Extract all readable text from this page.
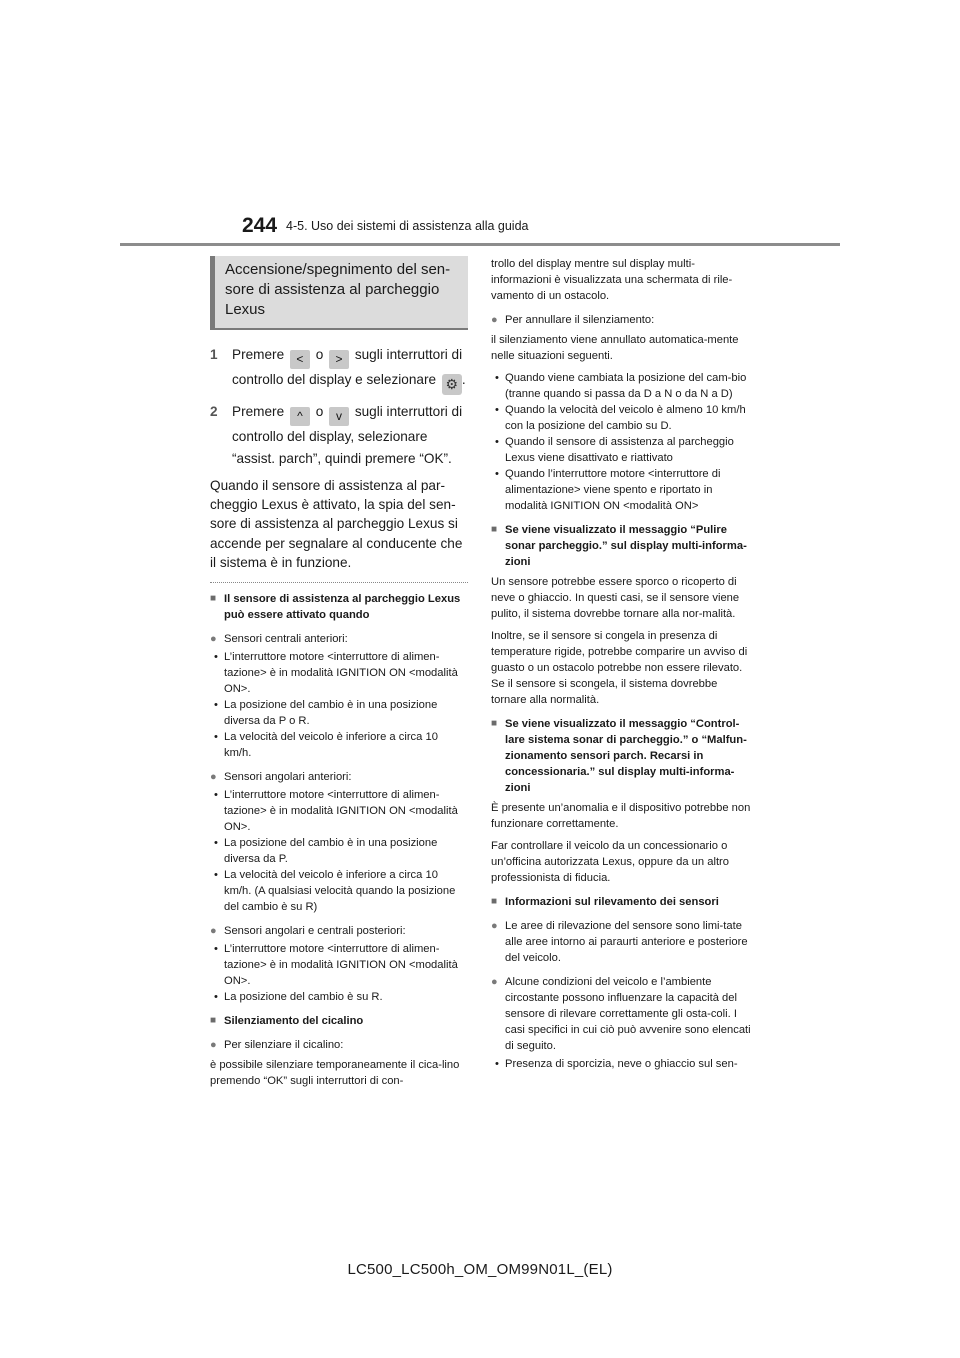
244 4-5. Uso dei sistemi di assistenza alla guida
Accensione/spegnimento del sen-sore di assistenza al parcheggio Lexus
1 Premere < o > sugli interruttori di controllo del display e selezionare ⚙ .
2 Premere ^ o v sugli interruttori di controllo del display, selezionare “assist. parch”, quindi premere “OK”.
Quando il sensore di assistenza al par-cheggio Lexus è attivato, la spia del sen-sore di assistenza al parcheggio Lexus si accende per segnalare al conducente che il sistema è in funzione.
■ Il sensore di assistenza al parcheggio Lexus può essere attivato quando
● Sensori centrali anteriori:
• L’interruttore motore <interruttore di alimen-tazione> è in modalità IGNITION ON <modalità ON>.
• La posizione del cambio è in una posizione diversa da P o R.
• La velocità del veicolo è inferiore a circa 10 km/h.
● Sensori angolari anteriori:
• L’interruttore motore <interruttore di alimen-tazione> è in modalità IGNITION ON <modalità ON>.
• La posizione del cambio è in una posizione diversa da P.
• La velocità del veicolo è inferiore a circa 10 km/h. (A qualsiasi velocità quando la posizione del cambio è su R)
● Sensori angolari e centrali posteriori:
• L’interruttore motore <interruttore di alimen-tazione> è in modalità IGNITION ON <modalità ON>.
• La posizione del cambio è su R.
■ Silenziamento del cicalino
● Per silenziare il cicalino:
è possibile silenziare temporaneamente il cica-lino premendo “OK” sugli interruttori di con-
trollo del display mentre sul display multi-informazioni è visualizzata una schermata di rile-vamento di un ostacolo.
● Per annullare il silenziamento:
il silenziamento viene annullato automatica-mente nelle situazioni seguenti.
• Quando viene cambiata la posizione del cam-bio (tranne quando si passa da D a N o da N a D)
• Quando la velocità del veicolo è almeno 10 km/h con la posizione del cambio su D.
• Quando il sensore di assistenza al parcheggio Lexus viene disattivato e riattivato
• Quando l’interruttore motore <interruttore di alimentazione> viene spento e riportato in modalità IGNITION ON <modalità ON>
■ Se viene visualizzato il messaggio “Pulire sonar parcheggio.” sul display multi-informa-zioni
Un sensore potrebbe essere sporco o ricoperto di neve o ghiaccio. In questi casi, se il sensore viene pulito, il sistema dovrebbe tornare alla nor-malità.
Inoltre, se il sensore si congela in presenza di temperature rigide, potrebbe comparire un avviso di guasto o un ostacolo potrebbe non essere rilevato. Se il sensore si scongela, il sistema dovrebbe tornare alla normalità.
■ Se viene visualizzato il messaggio “Control-lare sistema sonar di parcheggio.” o “Malfun-zionamento sensori parch. Recarsi in concessionaria.” sul display multi-informa-zioni
È presente un’anomalia e il dispositivo potrebbe non funzionare correttamente.
Far controllare il veicolo da un concessionario o un’officina autorizzata Lexus, oppure da un altro professionista di fiducia.
■ Informazioni sul rilevamento dei sensori
● Le aree di rilevazione del sensore sono limi-tate alle aree intorno ai paraurti anteriore e posteriore del veicolo.
● Alcune condizioni del veicolo e l’ambiente circostante possono influenzare la capacità del sensore di rilevare correttamente gli osta-coli. I casi specifici in cui ciò può avvenire sono elencati di seguito.
• Presenza di sporcizia, neve o ghiaccio sul sen-
LC500_LC500h_OM_OM99N01L_(EL)
